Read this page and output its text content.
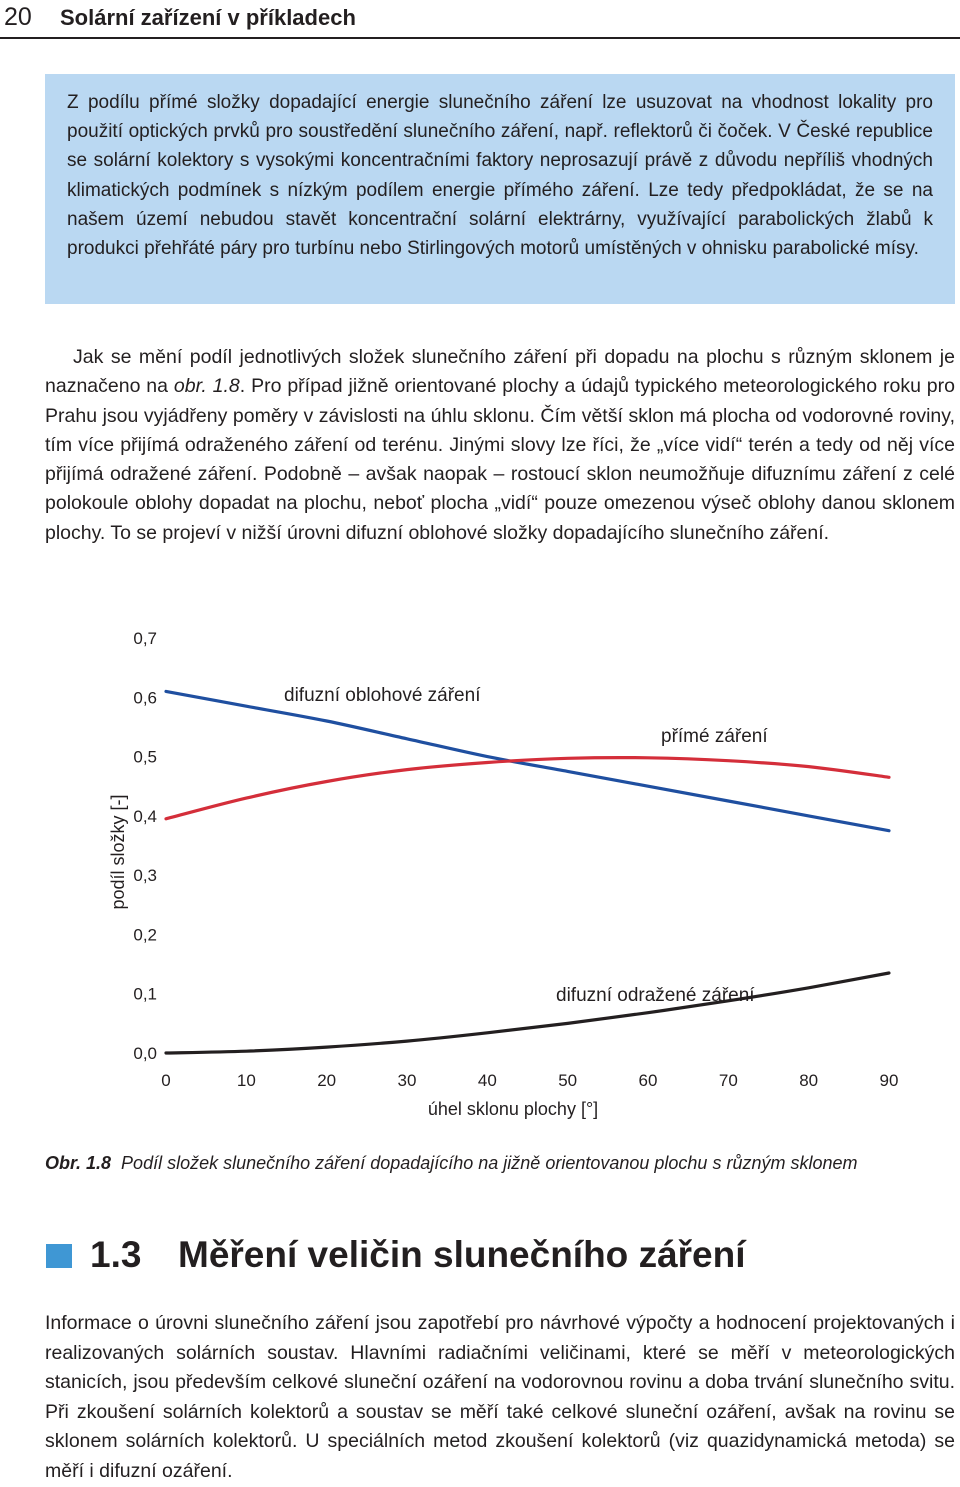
20 Solární zařízení v příkladech

Z podílu přímé složky dopadající energie slunečního záření lze usuzovat na vhodnost lokality pro použití optických prvků pro soustředění slunečního záření, např. reflektorů či čoček. V České republice se solární kolektory s vysokými koncentračními faktory neprosazují právě z důvodu nepříliš vhodných klimatických podmínek s nízkým podílem energie přímého záření. Lze tedy předpokládat, že se na našem území nebudou stavět koncentrační solární elektrárny, využívající parabolických žlabů k produkci přehřáté páry pro turbínu nebo Stirlingových motorů umístěných v ohnisku parabolické mísy.

Jak se mění podíl jednotlivých složek slunečního záření při dopadu na plochu s různým sklonem je naznačeno na obr. 1.8. Pro případ jižně orientované plochy a údajů typického meteorologického roku pro Prahu jsou vyjádřeny poměry v závislosti na úhlu sklonu. Čím větší sklon má plocha od vodorovné roviny, tím více přijímá odraženého záření od terénu. Jinými slovy lze říci, že „více vidí“ terén a tedy od něj více přijímá odražené záření. Podobně – avšak naopak – rostoucí sklon neumožňuje difuznímu záření z celé polokoule oblohy dopadat na plochu, neboť plocha „vidí“ pouze omezenou výseč oblohy danou sklonem plochy. To se projeví v nižší úrovni difuzní oblohové složky dopadajícího slunečního záření.

0,0
0,1
0,2
0,3
0,4
0,5
0,6
0,7
0	10	20	30	40	50	60	70	80	90
difuzní oblohové záření
přímé záření
difuzní odražené záření
úhel sklonu plochy [°]
podíl složky [-]

Obr. 1.8 Podíl složek slunečního záření dopadajícího na jižně orientovanou plochu s různým sklonem

1.3 Měření veličin slunečního záření

Informace o úrovni slunečního záření jsou zapotřebí pro návrhové výpočty a hodnocení projektovaných i realizovaných solárních soustav. Hlavními radiačními veličinami, které se měří v meteorologických stanicích, jsou především celkové sluneční ozáření na vodorovnou rovinu a doba trvání slunečního svitu. Při zkoušení solárních kolektorů a soustav se měří také celkové sluneční ozáření, avšak na rovinu se sklonem solárních kolektorů. U speciálních metod zkoušení kolektorů (viz quazidynamická metoda) se měří i difuzní ozáření.
